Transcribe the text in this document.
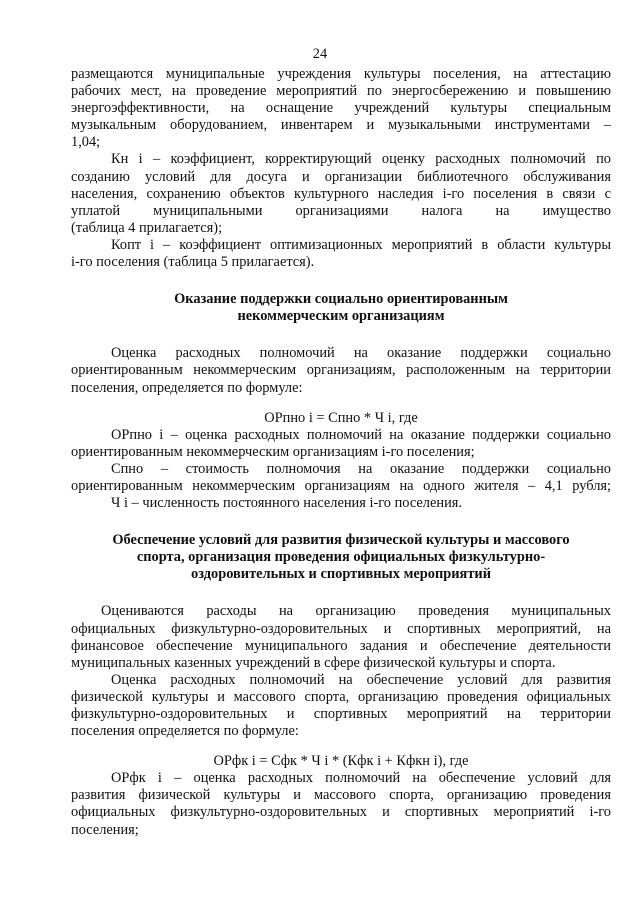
24
размещаются муниципальные учреждения культуры поселения, на аттестацию
рабочих мест, на проведение мероприятий по энергосбережению и повышению
энергоэффективности, на оснащение учреждений культуры специальным
музыкальным оборудованием, инвентарем и музыкальными инструментами –
1,04;
Кн i – коэффициент, корректирующий оценку расходных полномочий по
созданию условий для досуга и организации библиотечного обслуживания
населения, сохранению объектов культурного наследия i-го поселения в связи с
уплатой муниципальными организациями налога на имущество
(таблица 4 прилагается);
Копт i – коэффициент оптимизационных мероприятий в области культуры
i-го поселения (таблица 5 прилагается).
Оказание поддержки социально ориентированным
некоммерческим организациям
Оценка расходных полномочий на оказание поддержки социально
ориентированным некоммерческим организациям, расположенным на территории
поселения, определяется по формуле:
ОРпно i = Спно * Ч i, где
ОРпно i – оценка расходных полномочий на оказание поддержки социально
ориентированным некоммерческим организациям i-го поселения;
Спно – стоимость полномочия на оказание поддержки социально
ориентированным некоммерческим организациям на одного жителя – 4,1 рубля;
Ч i – численность постоянного населения i-го поселения.
Обеспечение условий для развития физической культуры и массового
спорта, организация проведения официальных физкультурно-
оздоровительных и спортивных мероприятий
Оцениваются расходы на организацию проведения муниципальных
официальных физкультурно-оздоровительных и спортивных мероприятий, на
финансовое обеспечение муниципального задания и обеспечение деятельности
муниципальных казенных учреждений в сфере физической культуры и спорта.
Оценка расходных полномочий на обеспечение условий для развития
физической культуры и массового спорта, организацию проведения официальных
физкультурно-оздоровительных и спортивных мероприятий на территории
поселения определяется по формуле:
ОРфк i = Сфк * Ч i * (Кфк i + Кфкн i), где
ОРфк i – оценка расходных полномочий на обеспечение условий для
развития физической культуры и массового спорта, организацию проведения
официальных физкультурно-оздоровительных и спортивных мероприятий i-го
поселения;
